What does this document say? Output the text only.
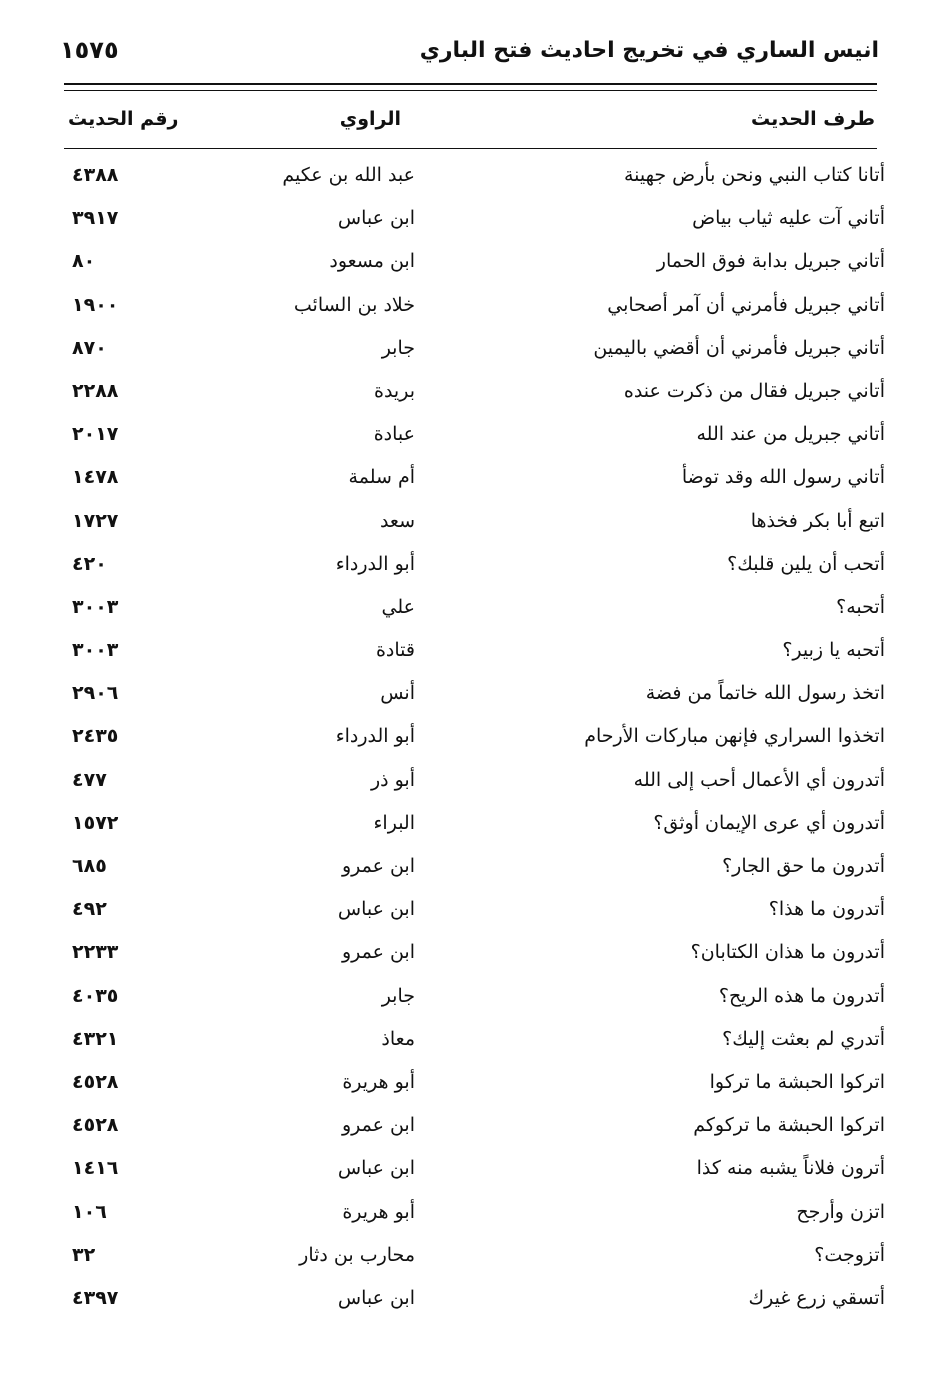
انيس الساري في تخريج احاديث فتح الباري
١٥٧٥
طرف الحديث
الراوي
رقم الحديث
أتانا كتاب النبي ونحن بأرض جهينة
عبد الله بن عكيم
٤٣٨٨
أتاني آت عليه ثياب بياض
ابن عباس
٣٩١٧
أتاني جبريل بدابة فوق الحمار
ابن مسعود
٨٠
أتاني جبريل فأمرني أن آمر أصحابي
خلاد بن السائب
١٩٠٠
أتاني جبريل فأمرني أن أقضي باليمين
جابر
٨٧٠
أتاني جبريل فقال من ذكرت عنده
بريدة
٢٢٨٨
أتاني جبريل من عند الله
عبادة
٢٠١٧
أتاني رسول الله وقد توضأ
أم سلمة
١٤٧٨
اتبع أبا بكر فخذها
سعد
١٧٢٧
أتحب أن يلين قلبك؟
أبو الدرداء
٤٢٠
أتحبه؟
علي
٣٠٠٣
أتحبه يا زبير؟
قتادة
٣٠٠٣
اتخذ رسول الله خاتماً من فضة
أنس
٢٩٠٦
اتخذوا السراري فإنهن مباركات الأرحام
أبو الدرداء
٢٤٣٥
أتدرون أي الأعمال أحب إلى الله
أبو ذر
٤٧٧
أتدرون أي عرى الإيمان أوثق؟
البراء
١٥٧٢
أتدرون ما حق الجار؟
ابن عمرو
٦٨٥
أتدرون ما هذا؟
ابن عباس
٤٩٢
أتدرون ما هذان الكتابان؟
ابن عمرو
٢٢٣٣
أتدرون ما هذه الريح؟
جابر
٤٠٣٥
أتدري لم بعثت إليك؟
معاذ
٤٣٢١
اتركوا الحبشة ما تركوا
أبو هريرة
٤٥٢٨
اتركوا الحبشة ما تركوكم
ابن عمرو
٤٥٢٨
أترون فلاناً يشبه منه كذا
ابن عباس
١٤١٦
اتزن وأرجح
أبو هريرة
١٠٦
أتزوجت؟
محارب بن دثار
٣٢
أتسقي زرع غيرك
ابن عباس
٤٣٩٧
